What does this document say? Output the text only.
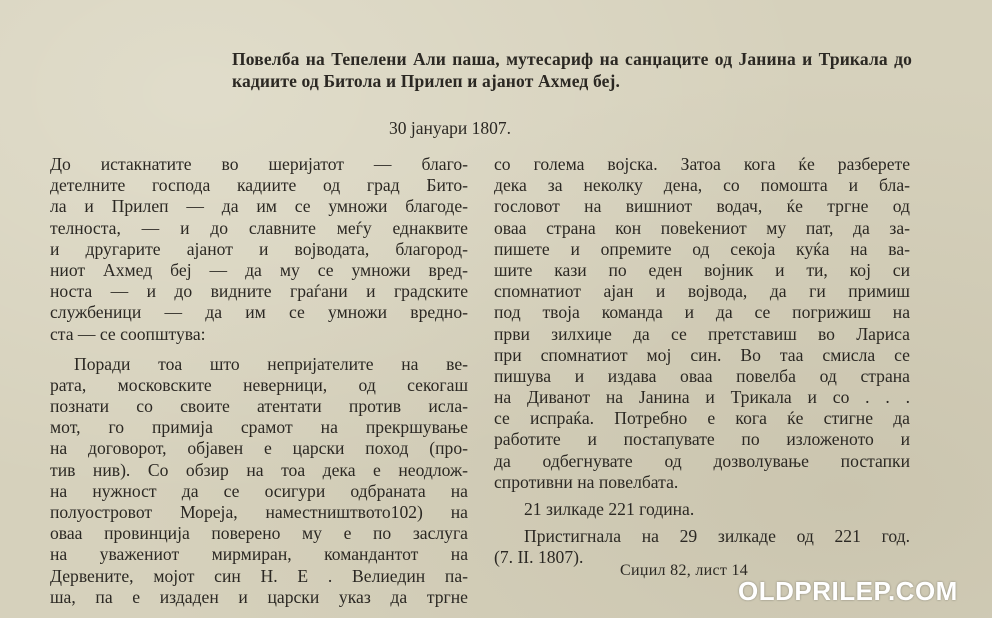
Повелба на Тепелени Али паша, мутесариф на санџаците од Јанина и Трикала до кадиите од Битола и Прилеп и ајанот Ахмед беј.
30 јануари 1807.
До истакнатите во шеријатот — благо-
детелните господа кадиите од град Бито-
ла и Прилеп — да им се умножи благоде-
телноста, — и до славните меѓу еднаквите
и другарите ајанот и војводата, благород-
ниот Ахмед беј — да му се умножи вред-
носта — и до видните граѓани и градските
службеници — да им се умножи вредно-
ста — се соопштува:
Поради тоа што непријателите на ве-
рата, московските неверници, од секогаш
познати со своите атентати против ислa-
мот, го примија срамот на прекршување
на договорот, објавен е царски поход (про-
тив нив). Со обзир на тоа дека е неодлож-
на нужност да се осигури одбраната на
полуостровот Мореја, наместништвото102) на
оваа провинција поверено му е по заслуга
на уважениот мирмиран, командантот на
Дервените, мојот син Н. Е . Велиедин па-
ша, па е издаден и царски указ да тргне
со голема војска. Затоа кога ќе разберете
дека за неколку дена, со помошта и бла-
гословот на вишниот водач, ќе тргне од
оваа страна кон повеkeниот му пат, да за-
пишете и опремите од секоја куќа на ва-
шите кази по еден војник и ти, кој си
спомнатиот ајан и војвода, да ги примиш
под твоја команда и да се погрижиш на
први зилхиџе да се претставиш во Лариса
при спомнатиот мој син. Во таа смисла се
пишува и издава оваа повелба од страна
на Диванот на Јанина и Трикала и со . . .
се испраќа. Потребно е кога ќе стигне да
работите и постапувате по изложеното и
да одбегнувате од дозволување постапки
спротивни на повелбата.
21 зилкаде 221 година.
Пристигнала на 29 зилкаде од 221 год.
(7. II. 1807).
Сиџил 82, лист 14
OLDPRILEP.COM
